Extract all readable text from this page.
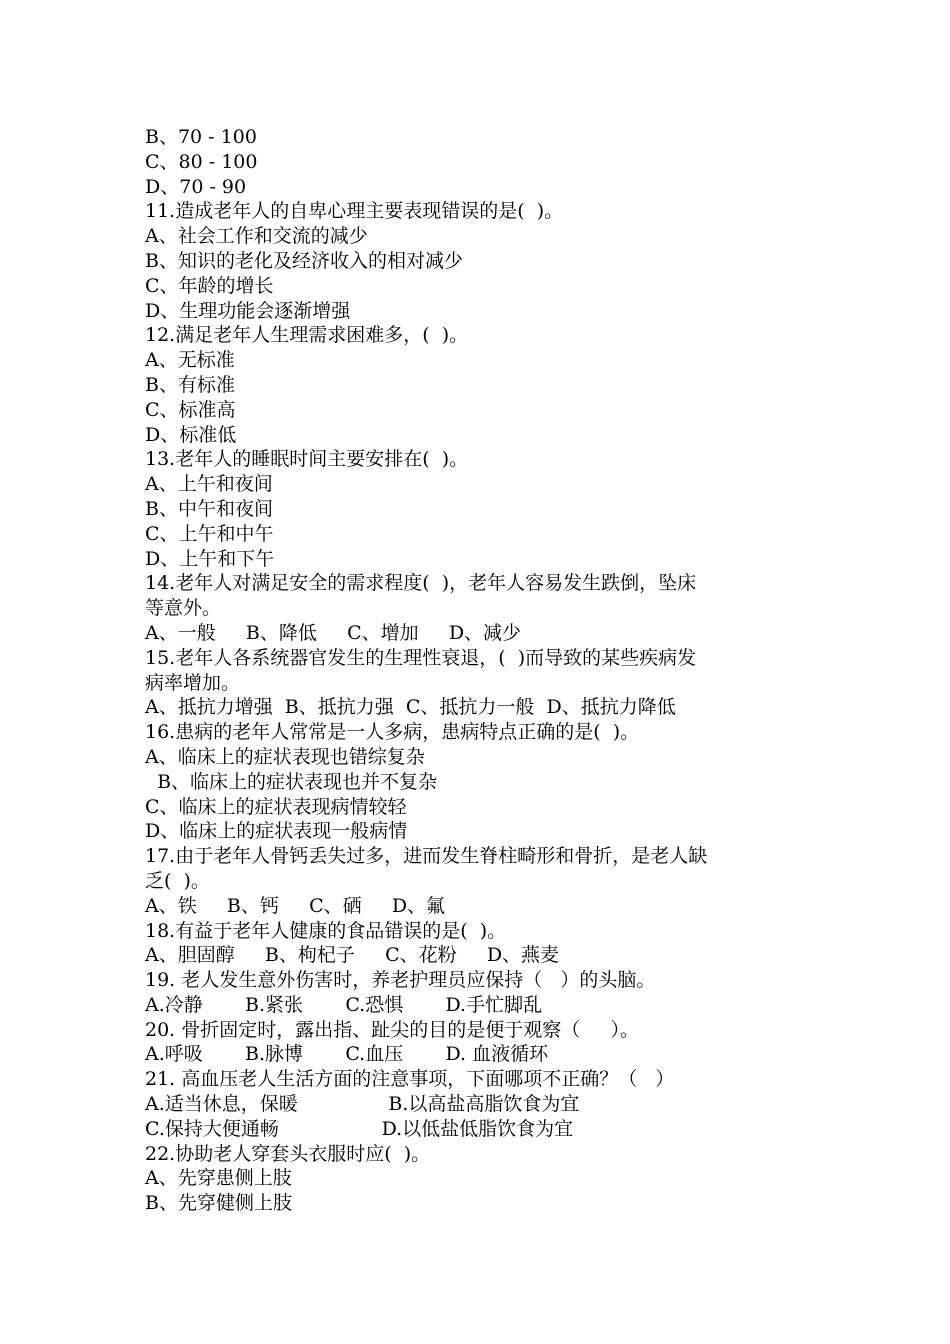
B、70 - 100
C、80 - 100
D、70 - 90
11.造成老年人的自卑心理主要表现错误的是(  )。
A、社会工作和交流的减少
B、知识的老化及经济收入的相对减少
C、年龄的增长
D、生理功能会逐渐增强
12.满足老年人生理需求困难多，(  )。
A、无标准
B、有标准
C、标准高
D、标准低
13.老年人的睡眠时间主要安排在(  )。
A、上午和夜间
B、中午和夜间
C、上午和中午
D、上午和下午
14.老年人对满足安全的需求程度(  )，老年人容易发生跌倒，坠床
等意外。
A、一般     B、降低     C、增加     D、减少
15.老年人各系统器官发生的生理性衰退，(  )而导致的某些疾病发
病率增加。
A、抵抗力增强  B、抵抗力强  C、抵抗力一般  D、抵抗力降低
16.患病的老年人常常是一人多病，患病特点正确的是(  )。
A、临床上的症状表现也错综复杂
B、临床上的症状表现也并不复杂
C、临床上的症状表现病情较轻
D、临床上的症状表现一般病情
17.由于老年人骨钙丢失过多，进而发生脊柱畸形和骨折，是老人缺
乏(  )。
A、铁     B、钙     C、硒     D、氟
18.有益于老年人健康的食品错误的是(  )。
A、胆固醇     B、枸杞子     C、花粉     D、燕麦
19. 老人发生意外伤害时，养老护理员应保持（   ）的头脑。
A.冷静       B.紧张       C.恐惧       D.手忙脚乱
20. 骨折固定时，露出指、趾尖的目的是便于观察（     ）。
A.呼吸       B.脉博       C.血压       D. 血液循环
21. 高血压老人生活方面的注意事项，下面哪项不正确？（   ）
A.适当休息，保暖               B.以高盐高脂饮食为宜
C.保持大便通畅                 D.以低盐低脂饮食为宜
22.协助老人穿套头衣服时应(  )。
A、先穿患侧上肢
B、先穿健侧上肢
